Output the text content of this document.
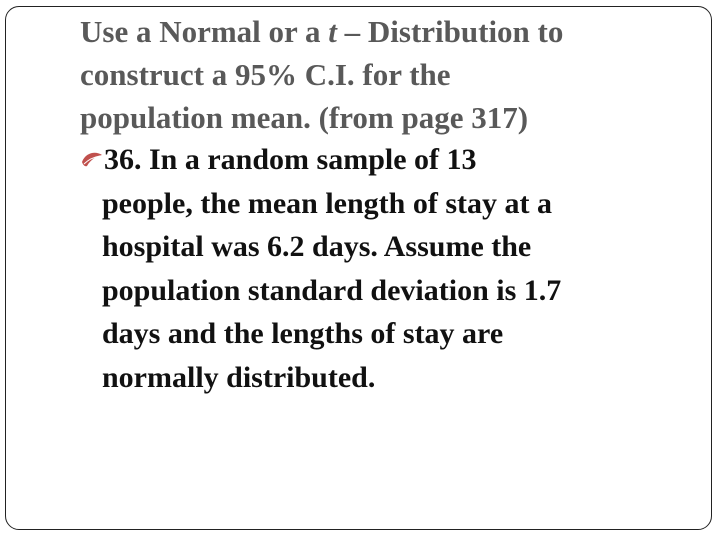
Use a Normal or a t – Distribution to
construct a 95% C.I. for the
population mean. (from page 317)
36. In a random sample of 13
people, the mean length of stay at a
hospital was 6.2 days. Assume the
population standard deviation is 1.7
days and the lengths of stay are
normally distributed.
